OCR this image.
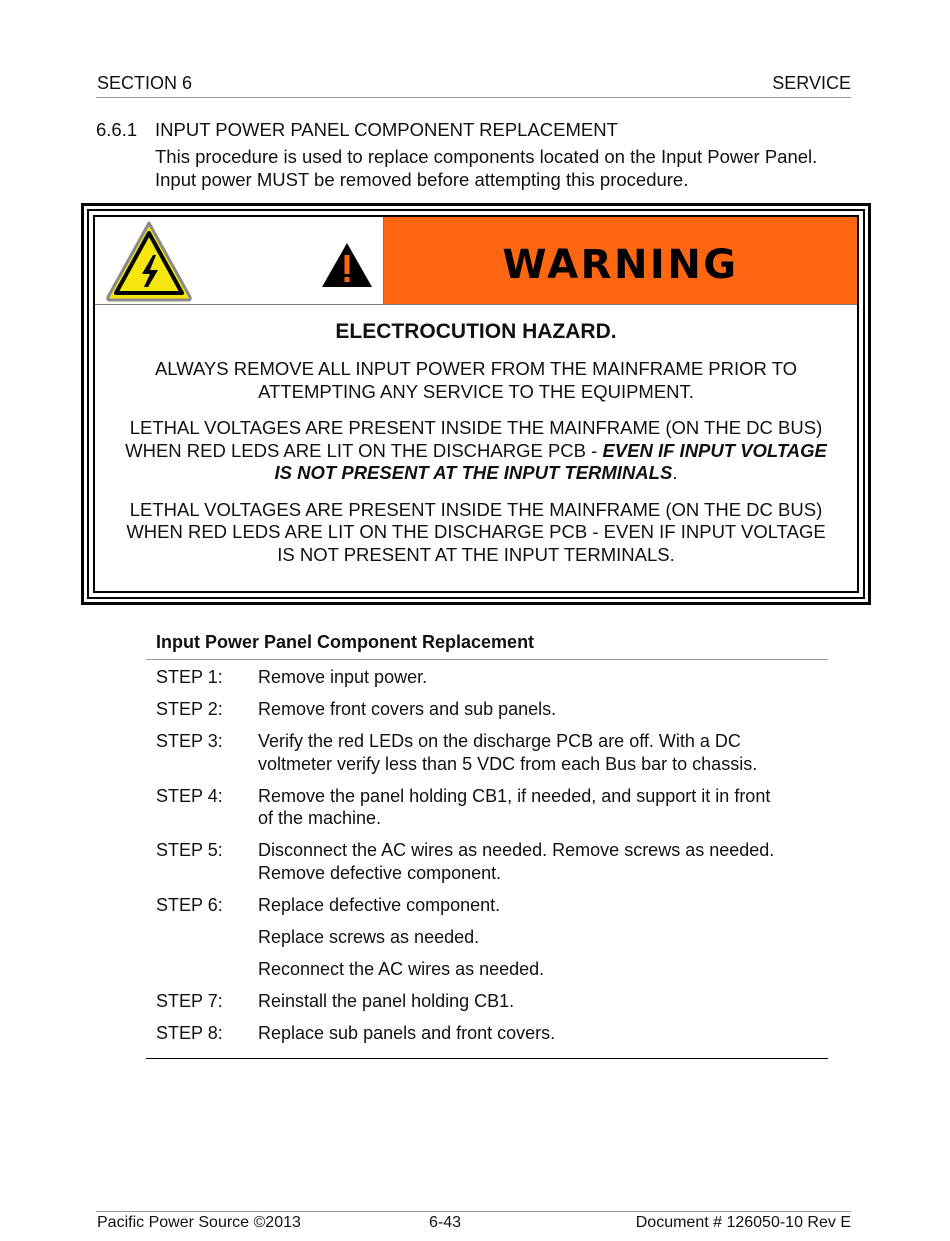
SECTION 6	SERVICE
6.6.1 INPUT POWER PANEL COMPONENT REPLACEMENT
This procedure is used to replace components located on the Input Power Panel.
Input power MUST be removed before attempting this procedure.
WARNING
ELECTROCUTION HAZARD.
ALWAYS REMOVE ALL INPUT POWER FROM THE MAINFRAME PRIOR TO
ATTEMPTING ANY SERVICE TO THE EQUIPMENT.
LETHAL VOLTAGES ARE PRESENT INSIDE THE MAINFRAME (ON THE DC BUS)
WHEN RED LEDS ARE LIT ON THE DISCHARGE PCB - EVEN IF INPUT VOLTAGE
IS NOT PRESENT AT THE INPUT TERMINALS.
LETHAL VOLTAGES ARE PRESENT INSIDE THE MAINFRAME (ON THE DC BUS)
WHEN RED LEDS ARE LIT ON THE DISCHARGE PCB - EVEN IF INPUT VOLTAGE
IS NOT PRESENT AT THE INPUT TERMINALS.
Input Power Panel Component Replacement
STEP 1:	Remove input power.
STEP 2:	Remove front covers and sub panels.
STEP 3:	Verify the red LEDs on the discharge PCB are off. With a DC
voltmeter verify less than 5 VDC from each Bus bar to chassis.
STEP 4:	Remove the panel holding CB1, if needed, and support it in front
of the machine.
STEP 5:	Disconnect the AC wires as needed. Remove screws as needed.
Remove defective component.
STEP 6:	Replace defective component.
Replace screws as needed.
Reconnect the AC wires as needed.
STEP 7:	Reinstall the panel holding CB1.
STEP 8:	Replace sub panels and front covers.
Pacific Power Source ©2013	6-43	Document # 126050-10 Rev E
